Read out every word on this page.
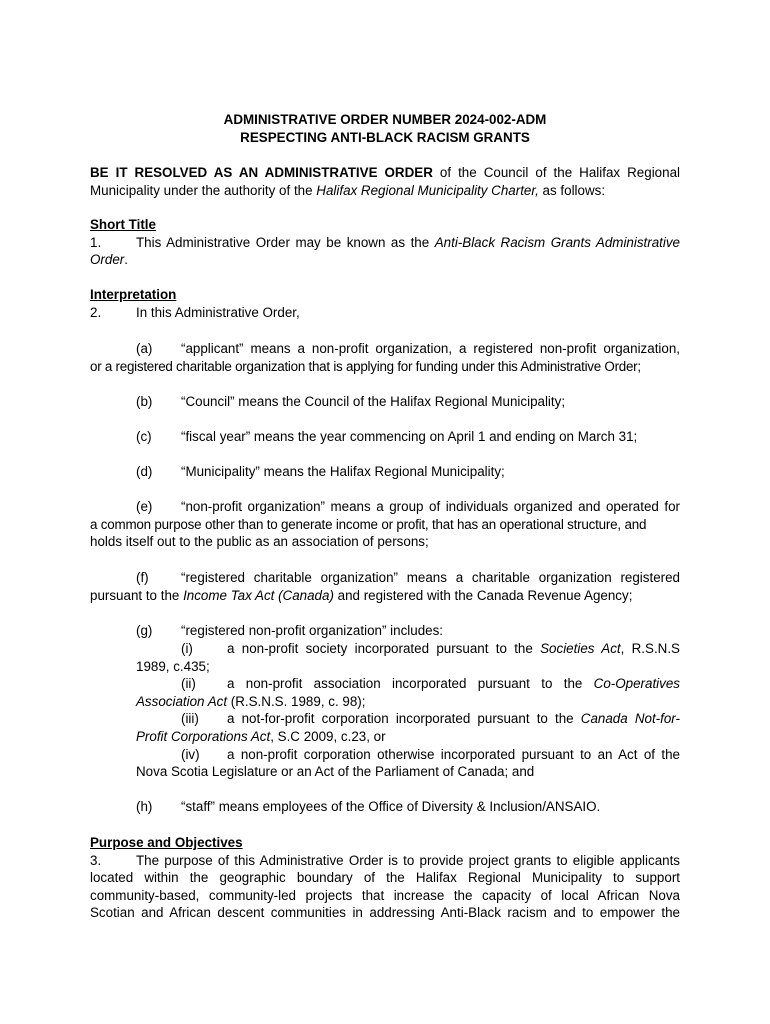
ADMINISTRATIVE ORDER NUMBER 2024-002-ADM
RESPECTING ANTI-BLACK RACISM GRANTS
BE IT RESOLVED AS AN ADMINISTRATIVE ORDER of the Council of the Halifax Regional
Municipality under the authority of the Halifax Regional Municipality Charter, as follows:
Short Title
1.	This Administrative Order may be known as the Anti-Black Racism Grants Administrative
Order.
Interpretation
2.	In this Administrative Order,
(a) “applicant” means a non-profit organization, a registered non-profit organization,
or a registered charitable organization that is applying for funding under this Administrative Order;
(b) “Council” means the Council of the Halifax Regional Municipality;
(c) “fiscal year” means the year commencing on April 1 and ending on March 31;
(d) “Municipality” means the Halifax Regional Municipality;
(e) “non-profit organization” means a group of individuals organized and operated for
a common purpose other than to generate income or profit, that has an operational structure, and
holds itself out to the public as an association of persons;
(f) “registered charitable organization” means a charitable organization registered
pursuant to the Income Tax Act (Canada) and registered with the Canada Revenue Agency;
(g) “registered non-profit organization” includes:
(i)	a non-profit society incorporated pursuant to the Societies Act, R.S.N.S
1989, c.435;
(ii) a non-profit association incorporated pursuant to the Co-Operatives
Association Act (R.S.N.S. 1989, c. 98);
(iii) a not-for-profit corporation incorporated pursuant to the Canada Not-for-
Profit Corporations Act, S.C 2009, c.23, or
(iv) a non-profit corporation otherwise incorporated pursuant to an Act of the
Nova Scotia Legislature or an Act of the Parliament of Canada; and
(h) “staff” means employees of the Office of Diversity & Inclusion/ANSAIO.
Purpose and Objectives
3.	The purpose of this Administrative Order is to provide project grants to eligible applicants
located within the geographic boundary of the Halifax Regional Municipality to support
community-based, community-led projects that increase the capacity of local African Nova
Scotian and African descent communities in addressing Anti-Black racism and to empower the
